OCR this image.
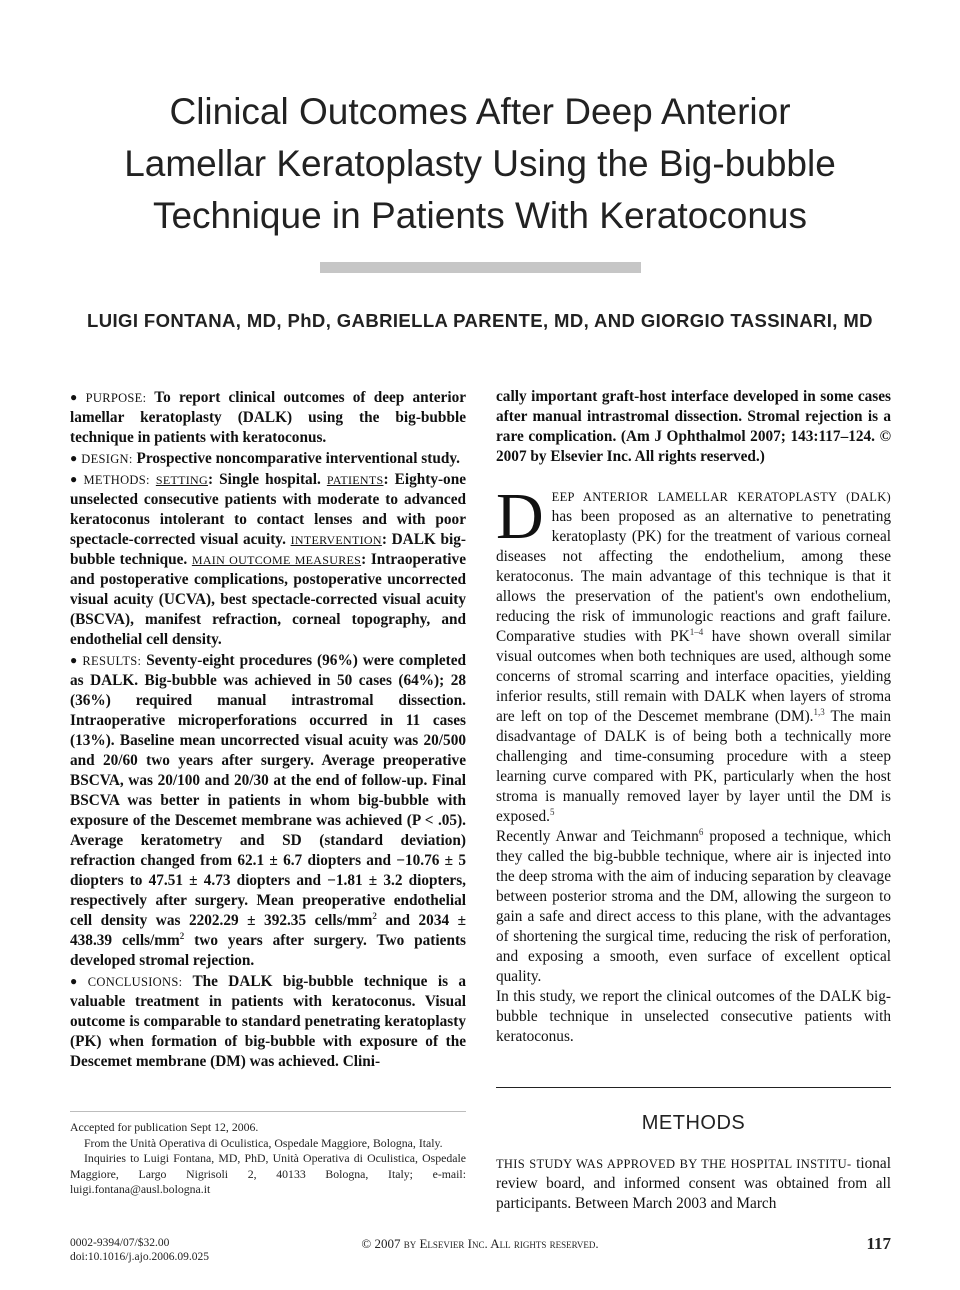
Clinical Outcomes After Deep Anterior
Lamellar Keratoplasty Using the Big-bubble
Technique in Patients With Keratoconus
LUIGI FONTANA, MD, PhD, GABRIELLA PARENTE, MD, AND GIORGIO TASSINARI, MD

● PURPOSE: To report clinical outcomes of deep anterior lamellar keratoplasty (DALK) using the big-bubble technique in patients with keratoconus.

● DESIGN: Prospective noncomparative interventional study.

● METHODS: SETTING: Single hospital. PATIENTS: Eighty-one unselected consecutive patients with moderate to advanced keratoconus intolerant to contact lenses and with poor spectacle-corrected visual acuity. INTERVENTION: DALK big-bubble technique. MAIN OUTCOME MEASURES: Intraoperative and postoperative complications, postoperative uncorrected visual acuity (UCVA), best spectacle-corrected visual acuity (BSCVA), manifest refraction, corneal topography, and endothelial cell density.

● RESULTS: Seventy-eight procedures (96%) were completed as DALK. Big-bubble was achieved in 50 cases (64%); 28 (36%) required manual intrastromal dissection. Intraoperative microperforations occurred in 11 cases (13%). Baseline mean uncorrected visual acuity was 20/500 and 20/60 two years after surgery. Average preoperative BSCVA, was 20/100 and 20/30 at the end of follow-up. Final BSCVA was better in patients in whom big-bubble with exposure of the Descemet membrane was achieved (P < .05). Average keratometry and SD (standard deviation) refraction changed from 62.1 ± 6.7 diopters and −10.76 ± 5 diopters to 47.51 ± 4.73 diopters and −1.81 ± 3.2 diopters, respectively after surgery. Mean preoperative endothelial cell density was 2202.29 ± 392.35 cells/$mm^2$ and 2034 ± 438.39 cells/$mm^2$ two years after surgery. Two patients developed stromal rejection.

● CONCLUSIONS: The DALK big-bubble technique is a valuable treatment in patients with keratoconus. Visual outcome is comparable to standard penetrating keratoplasty (PK) when formation of big-bubble with exposure of the Descemet membrane (DM) was achieved. Clini-

Accepted for publication Sept 12, 2006.

From the Unità Operativa di Oculistica, Ospedale Maggiore, Bologna, Italy.

Inquiries to Luigi Fontana, MD, PhD, Unità Operativa di Oculistica, Ospedale Maggiore, Largo Nigrisoli 2, 40133 Bologna, Italy; e-mail: luigi.fontana@ausl.bologna.it

cally important graft-host interface developed in some cases after manual intrastromal dissection. Stromal rejection is a rare complication. (Am J Ophthalmol 2007; 143:117–124. © 2007 by Elsevier Inc. All rights reserved.)

DEEP ANTERIOR LAMELLAR KERATOPLASTY (DALK) has been proposed as an alternative to penetrating keratoplasty (PK) for the treatment of various corneal diseases not affecting the endothelium, among these keratoconus. The main advantage of this technique is that it allows the preservation of the patient's own endothelium, reducing the risk of immunologic reactions and graft failure. Comparative studies with PK$^{1-4}$ have shown overall similar visual outcomes when both techniques are used, although some concerns of stromal scarring and interface opacities, yielding inferior results, still remain with DALK when layers of stroma are left on top of the Descemet membrane (DM).$^{1,3}$ The main disadvantage of DALK is of being both a technically more challenging and time-consuming procedure with a steep learning curve compared with PK, particularly when the host stroma is manually removed layer by layer until the DM is exposed.$^5$

Recently Anwar and Teichmann$^6$ proposed a technique, which they called the big-bubble technique, where air is injected into the deep stroma with the aim of inducing separation by cleavage between posterior stroma and the DM, allowing the surgeon to gain a safe and direct access to this plane, with the advantages of shortening the surgical time, reducing the risk of perforation, and exposing a smooth, even surface of excellent optical quality.

In this study, we report the clinical outcomes of the DALK big-bubble technique in unselected consecutive patients with keratoconus.

METHODS
THIS STUDY WAS APPROVED BY THE HOSPITAL INSTITU- tional review board, and informed consent was obtained from all participants. Between March 2003 and March
0002-9394/07/$32.00
doi:10.1016/j.ajo.2006.09.025
© 2007 by Elsevier Inc. All rights reserved.	117
